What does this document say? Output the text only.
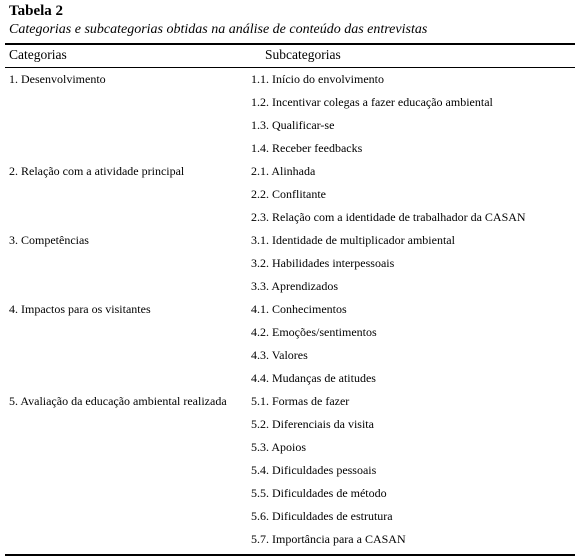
Tabela 2
Categorias e subcategorias obtidas na análise de conteúdo das entrevistas
Categorias	Subcategorias
1. Desenvolvimento	1.1. Início do envolvimento
1.2. Incentivar colegas a fazer educação ambiental
1.3. Qualificar-se
1.4. Receber feedbacks
2. Relação com a atividade principal	2.1. Alinhada
2.2. Conflitante
2.3. Relação com a identidade de trabalhador da CASAN
3. Competências	3.1. Identidade de multiplicador ambiental
3.2. Habilidades interpessoais
3.3. Aprendizados
4. Impactos para os visitantes	4.1. Conhecimentos
4.2. Emoções/sentimentos
4.3. Valores
4.4. Mudanças de atitudes
5. Avaliação da educação ambiental realizada	5.1. Formas de fazer
5.2. Diferenciais da visita
5.3. Apoios
5.4. Dificuldades pessoais
5.5. Dificuldades de método
5.6. Dificuldades de estrutura
5.7. Importância para a CASAN
